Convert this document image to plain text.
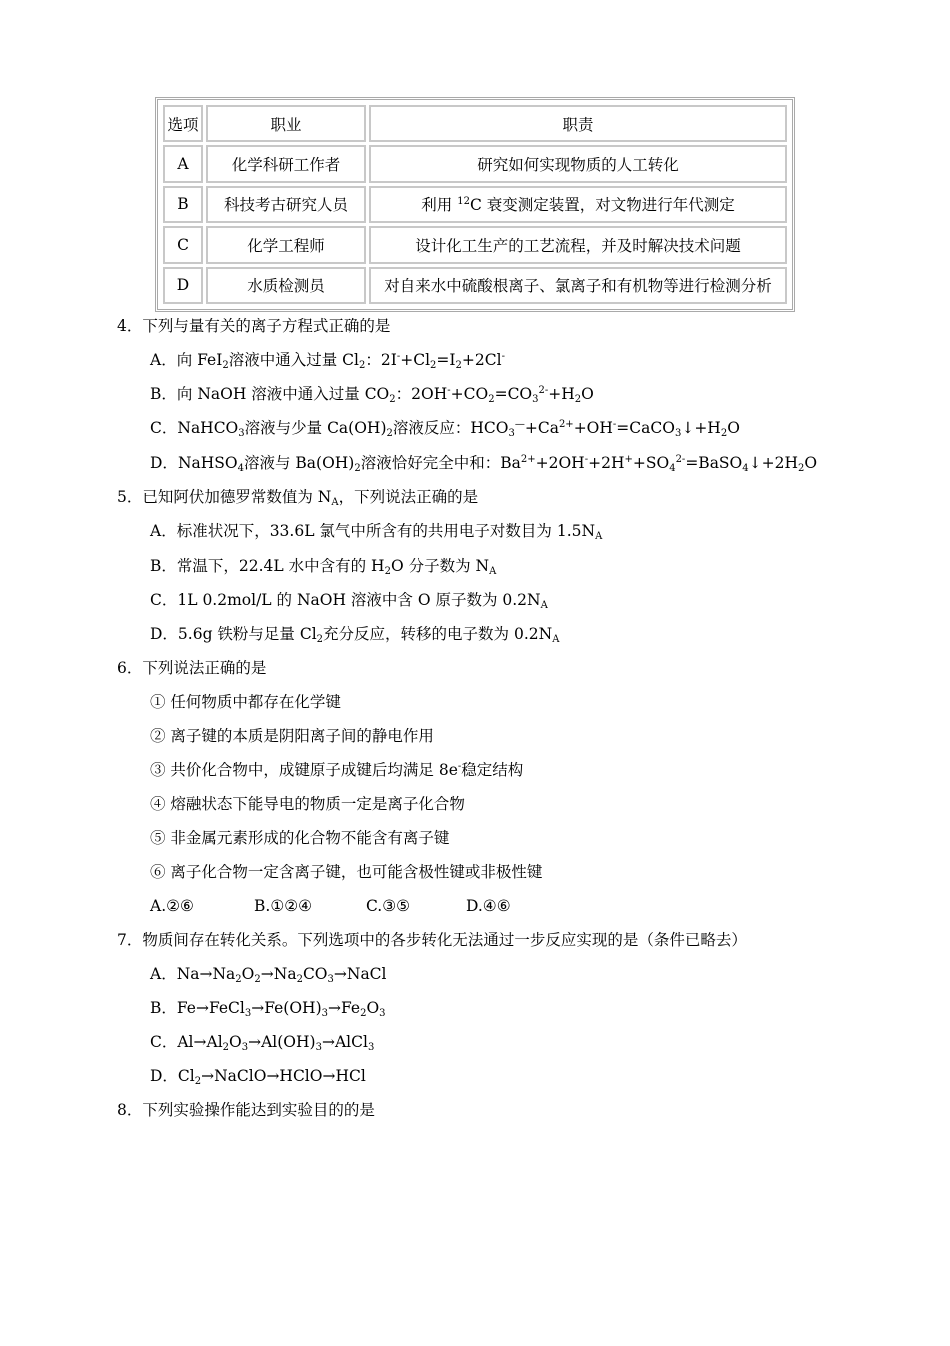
选项	职业	职责
A	化学科研工作者	研究如何实现物质的人工转化
B	科技考古研究人员	利用 $^{12}$C 衰变测定装置，对文物进行年代测定
C	化学工程师	设计化工生产的工艺流程，并及时解决技术问题
D	水质检测员	对自来水中硫酸根离子、氯离子和有机物等进行检测分析
4．下列与量有关的离子方程式正确的是
A．向 FeI$_2$溶液中通入过量 $Cl_2$：$2I^-+Cl_2=I_2+2Cl^-$
B．向 NaOH 溶液中通入过量 $CO_2$：$2OH^-+CO_2=CO_3^{2-}+H_2O$
C．NaHCO$_3$溶液与少量 $Ca(OH)_2$溶液反应：$HCO_3^—+Ca^{2+}+OH^-=CaCO_3↓+H_2O$
D．NaHSO$_4$溶液与 $Ba(OH)_2$溶液恰好完全中和：$Ba^{2+}+2OH^-+2H^++SO_4^{2-}=BaSO_4↓+2H_2O$
5．已知阿伏加德罗常数值为 $N_A$，下列说法正确的是
A．标准状况下，33.6L 氯气中所含有的共用电子对数目为 $1.5N_A$
B．常温下，22.4L 水中含有的 $H_2O$ 分子数为 $N_A$
C．1L 0.2mol/L 的 NaOH 溶液中含 O 原子数为 $0.2N_A$
D．5.6g 铁粉与足量 $Cl_2$充分反应，转移的电子数为 $0.2N_A$
6．下列说法正确的是
① 任何物质中都存在化学键
② 离子键的本质是阴阳离子间的静电作用
③ 共价化合物中，成键原子成键后均满足 8e-稳定结构
④ 熔融状态下能导电的物质一定是离子化合物
⑤ 非金属元素形成的化合物不能含有离子键
⑥ 离子化合物一定含离子键，也可能含极性键或非极性键
A.②⑥	B.①②④	C.③⑤	D.④⑥
7．物质间存在转化关系。下列选项中的各步转化无法通过一步反应实现的是（条件已略去）
A．$Na\to Na_2O_2\to Na_2CO_3\to NaCl$
B．$Fe\to FeCl_3\to Fe(OH)_3\to Fe_2O_3$
C．$Al\to Al_2O_3\to Al(OH)_3\to AlCl_3$
D．$Cl_2\to NaClO\to HClO\to HCl$
8．下列实验操作能达到实验目的的是
